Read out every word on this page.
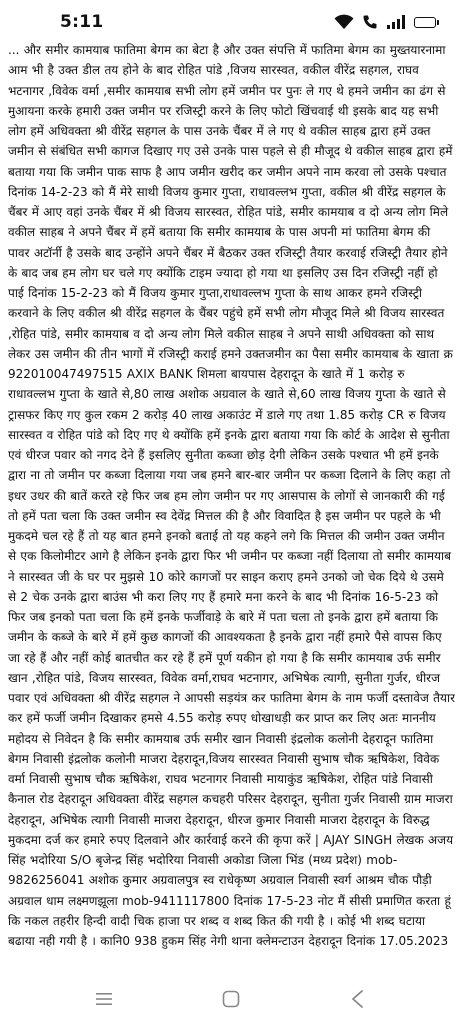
5:11

... और समीर कामयाब फातिमा बेगम का बेटा है और उक्त संपत्ति में फातिमा बेगम का मुख्तयारनामा आम भी है उक्त डील तय होने के बाद रोहित पांडे ,विजय सारस्वत, वकील वीरेंद्र सहगल, राघव भटनागर ,विवेक वर्मा ,समीर कामयाब सभी लोग हमें जमीन पर पुनः ले गए थे हमने जमीन का ढंग से मुआयना करके हमारी उक्त जमीन पर रजिस्ट्री करने के लिए फोटो खिंचवाई थी इसके बाद यह सभी लोग हमें अधिवक्ता श्री वीरेंद्र सहगल के पास उनके चैंबर में ले गए थे वकील साहब द्वारा हमें उक्त जमीन से संबंधित सभी कागज दिखाए गए उसे उनके पास पहले से ही मौजूद थे वकील साहब द्वारा हमें बताया गया कि जमीन पाक साफ है आप जमीन खरीद कर जमीन अपने नाम करवा लो उसके पश्चात दिनांक 14-2-23 को मैं मेरे साथी विजय कुमार गुप्ता, राधावल्लभ गुप्ता, वकील श्री वीरेंद्र सहगल के चैंबर में आए वहां उनके चैंबर में श्री विजय सारस्वत, रोहित पांडे, समीर कामयाब व दो अन्य लोग मिले वकील साहब ने अपने चैंबर में हमें बताया कि समीर कामयाब के पास अपनी मां फातिमा बेगम की पावर अटॉर्नी है उसके बाद उन्होंने अपने चैंबर में बैठकर उक्त रजिस्ट्री तैयार करवाई रजिस्ट्री तैयार होने के बाद जब हम लोग घर चले गए क्योंकि टाइम ज्यादा हो गया था इसलिए उस दिन रजिस्ट्री नहीं हो पाई दिनांक 15-2-23 को मैं विजय कुमार गुप्ता,राधावल्लभ गुप्ता के साथ आकर हमने रजिस्ट्री करवाने के लिए वकील श्री वीरेंद्र सहगल के चैंबर पहुंचे हमें सभी लोग मौजूद मिले श्री विजय सारस्वत ,रोहित पांडे, समीर कामयाब व दो अन्य लोग मिले वकील साहब ने अपने साथी अधिवक्ता को साथ लेकर उस जमीन की तीन भागों में रजिस्ट्री कराई हमने उक्तजमीन का पैसा समीर कामयाब के खाता क्र 922010047497515 AXIX BANK शिमला बायपास देहरादून के खाते में 1 करोड़ रु राधावल्लभ गुप्ता के खाते से,80 लाख अशोक अग्रवाल के खाते से,60 लाख विजय गुप्ता के खाते से ट्रासफर किए गए कुल रकम 2 करोड़ 40 लाख अकाउंट में डाले गए तथा 1.85 करोड़ CR रु विजय सारस्वत व रोहित पांडे को दिए गए थे क्योंकि हमें इनके द्वारा बताया गया कि कोर्ट के आदेश से सुनीता एवं धीरज पवार को नगद देने हैं इसलिए सुनीता कब्जा छोड़ देगी लेकिन उसके पश्चात भी हमें इनके द्वारा ना तो जमीन पर कब्जा दिलाया गया जब हमने बार-बार जमीन पर कब्जा दिलाने के लिए कहा तो इधर उधर की बातें करते रहे फिर जब हम लोग जमीन पर गए आसपास के लोगों से जानकारी की गई तो हमें पता चला कि उक्त जमीन स्व देवेंद्र मित्तल की है और विवादित है इस जमीन पर पहले के भी मुकदमे चल रहे हैं तो यह बात हमने इनको बताई तो यह कहने लगे कि मित्तल की जमीन उक्त जमीन से एक किलोमीटर आगे है लेकिन इनके द्वारा फिर भी जमीन पर कब्जा नहीं दिलाया तो समीर कामयाब ने सारस्वत जी के घर पर मुझसे 10 कोरे कागजों पर साइन कराए हमने उनको जो चेक दिये थे उसमे से 2 चेक उनके द्वारा बाउंस भी करा लिए गए हैं हमारे मना करने के बाद भी दिनांक 16-5-23 को फिर जब इनको पता चला कि हमें इनके फर्जीवाड़े के बारे में पता चला तो इनके द्वारा हमें बताया कि जमीन के कब्जे के बारे में हमें कुछ कागजों की आवश्यकता है इनके द्वारा नहीं हमारे पैसे वापस किए जा रहे हैं और नहीं कोई बातचीत कर रहे हैं हमें पूर्ण यकीन हो गया है कि समीर कामयाब उर्फ समीर खान ,रोहित पांडे, विजय सारस्वत, विवेक वर्मा,राघव भटनागर, अभिषेक त्यागी, सुनीता गुर्जर, धीरज पवार एवं अधिवक्ता श्री वीरेंद्र सहगल ने आपसी सड़यंत्र कर फातिमा बेगम के नाम फर्जी दस्तावेज तैयार कर हमें फर्जी जमीन दिखाकर हमसे 4.55 करोड़ रुपए धोखाधड़ी कर प्राप्त कर लिए अतः माननीय महोदय से निवेदन है कि समीर कामयाब उर्फ समीर खान निवासी इंद्रलोक कलोनी देहरादून फातिमा बेगम निवासी इंद्रलोक कलोनी माजरा देहरादून,विजय सारस्वत निवासी सुभाष चौक ऋषिकेश, विवेक वर्मा निवासी सुभाष चौक ऋषिकेश, राघव भटनागर निवासी मायाकुंड ऋषिकेश, रोहित पांडे निवासी कैनाल रोड देहरादून अधिवक्ता वीरेंद्र सहगल कचहरी परिसर देहरादून, सुनीता गुर्जर निवासी ग्राम माजरा देहरादून, अभिषेक त्यागी निवासी माजरा देहरादून, धीरज कुमार निवासी माजरा देहरादून के विरुद्ध मुकदमा दर्ज कर हमारे रुपए दिलवाने और कार्रवाई करने की कृपा करें | AJAY SINGH लेखक अजय सिंह भदोरिया S/O बृजेन्द्र सिंह भदोरिया निवासी अकोडा जिला भिंड (मध्य प्रदेश) mob-9826256041 अशोक कुमार अग्रवालपुत्र स्व राधेकृष्ण अग्रवाल निवासी स्वर्ग आश्रम चौक पौड़ी अग्रवाल धाम लक्ष्मणझूला mob-9411117800 दिनांक 17-5-23 नोट मैं सीसी प्रमाणित करता हूं कि नकल तहरीर हिन्दी वादी चिक हाजा पर शब्द व शब्द कित की गयी है । कोई भी शब्द घटाया बढाया नही गयी है । कानि0 938 हुकम सिंह नेगी थाना क्लेमन्टाउन देहरादून दिनांक 17.05.2023
